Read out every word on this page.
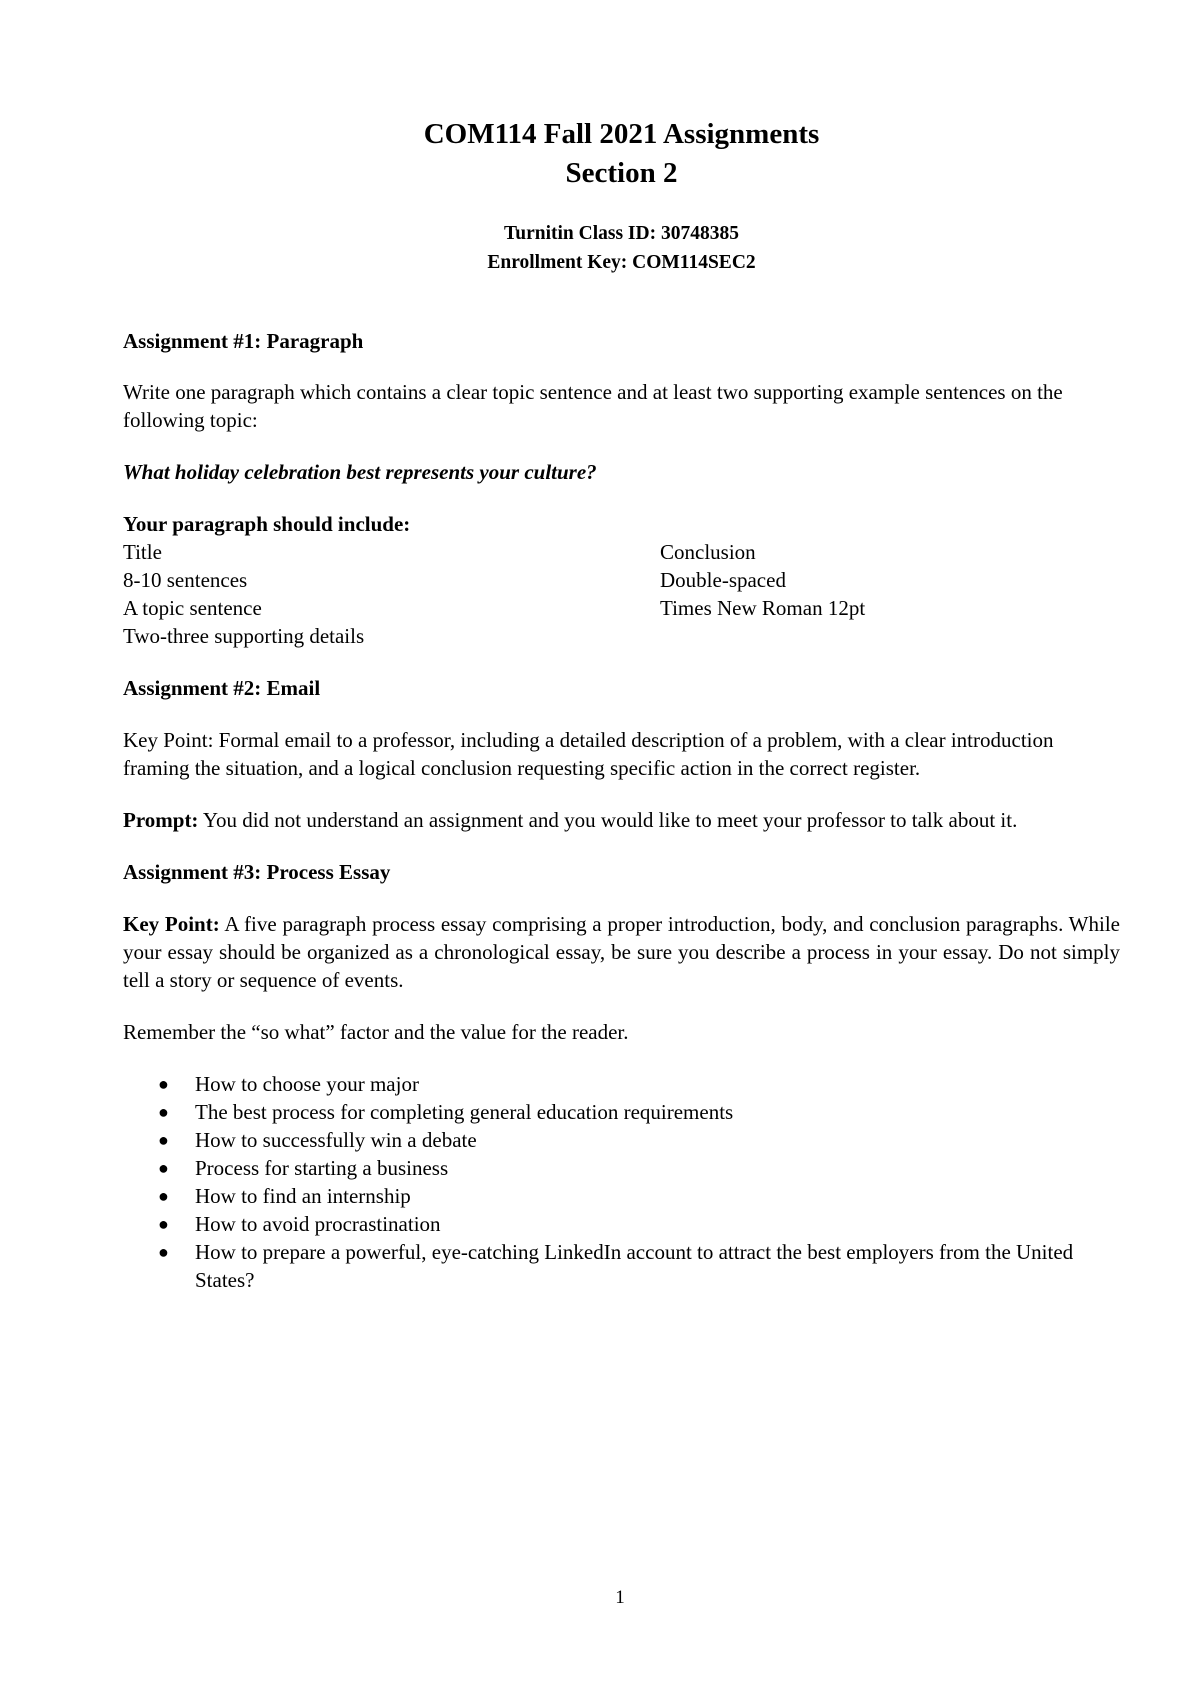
COM114 Fall 2021 Assignments
Section 2
Turnitin Class ID: 30748385
Enrollment Key: COM114SEC2
Assignment #1: Paragraph

Write one paragraph which contains a clear topic sentence and at least two supporting example sentences on the following topic:

What holiday celebration best represents your culture?

Your paragraph should include:
Title
8-10 sentences
A topic sentence
Two-three supporting details
Conclusion
Double-spaced
Times New Roman 12pt
Assignment #2: Email

Key Point: Formal email to a professor, including a detailed description of a problem, with a clear introduction framing the situation, and a logical conclusion requesting specific action in the correct register.

Prompt: You did not understand an assignment and you would like to meet your professor to talk about it.

Assignment #3: Process Essay

Key Point: A five paragraph process essay comprising a proper introduction, body, and conclusion paragraphs. While your essay should be organized as a chronological essay, be sure you describe a process in your essay. Do not simply tell a story or sequence of events.

Remember the “so what” factor and the value for the reader.

● How to choose your major
● The best process for completing general education requirements
● How to successfully win a debate
● Process for starting a business
● How to find an internship
● How to avoid procrastination
● How to prepare a powerful, eye-catching LinkedIn account to attract the best employers from the United States?
1
